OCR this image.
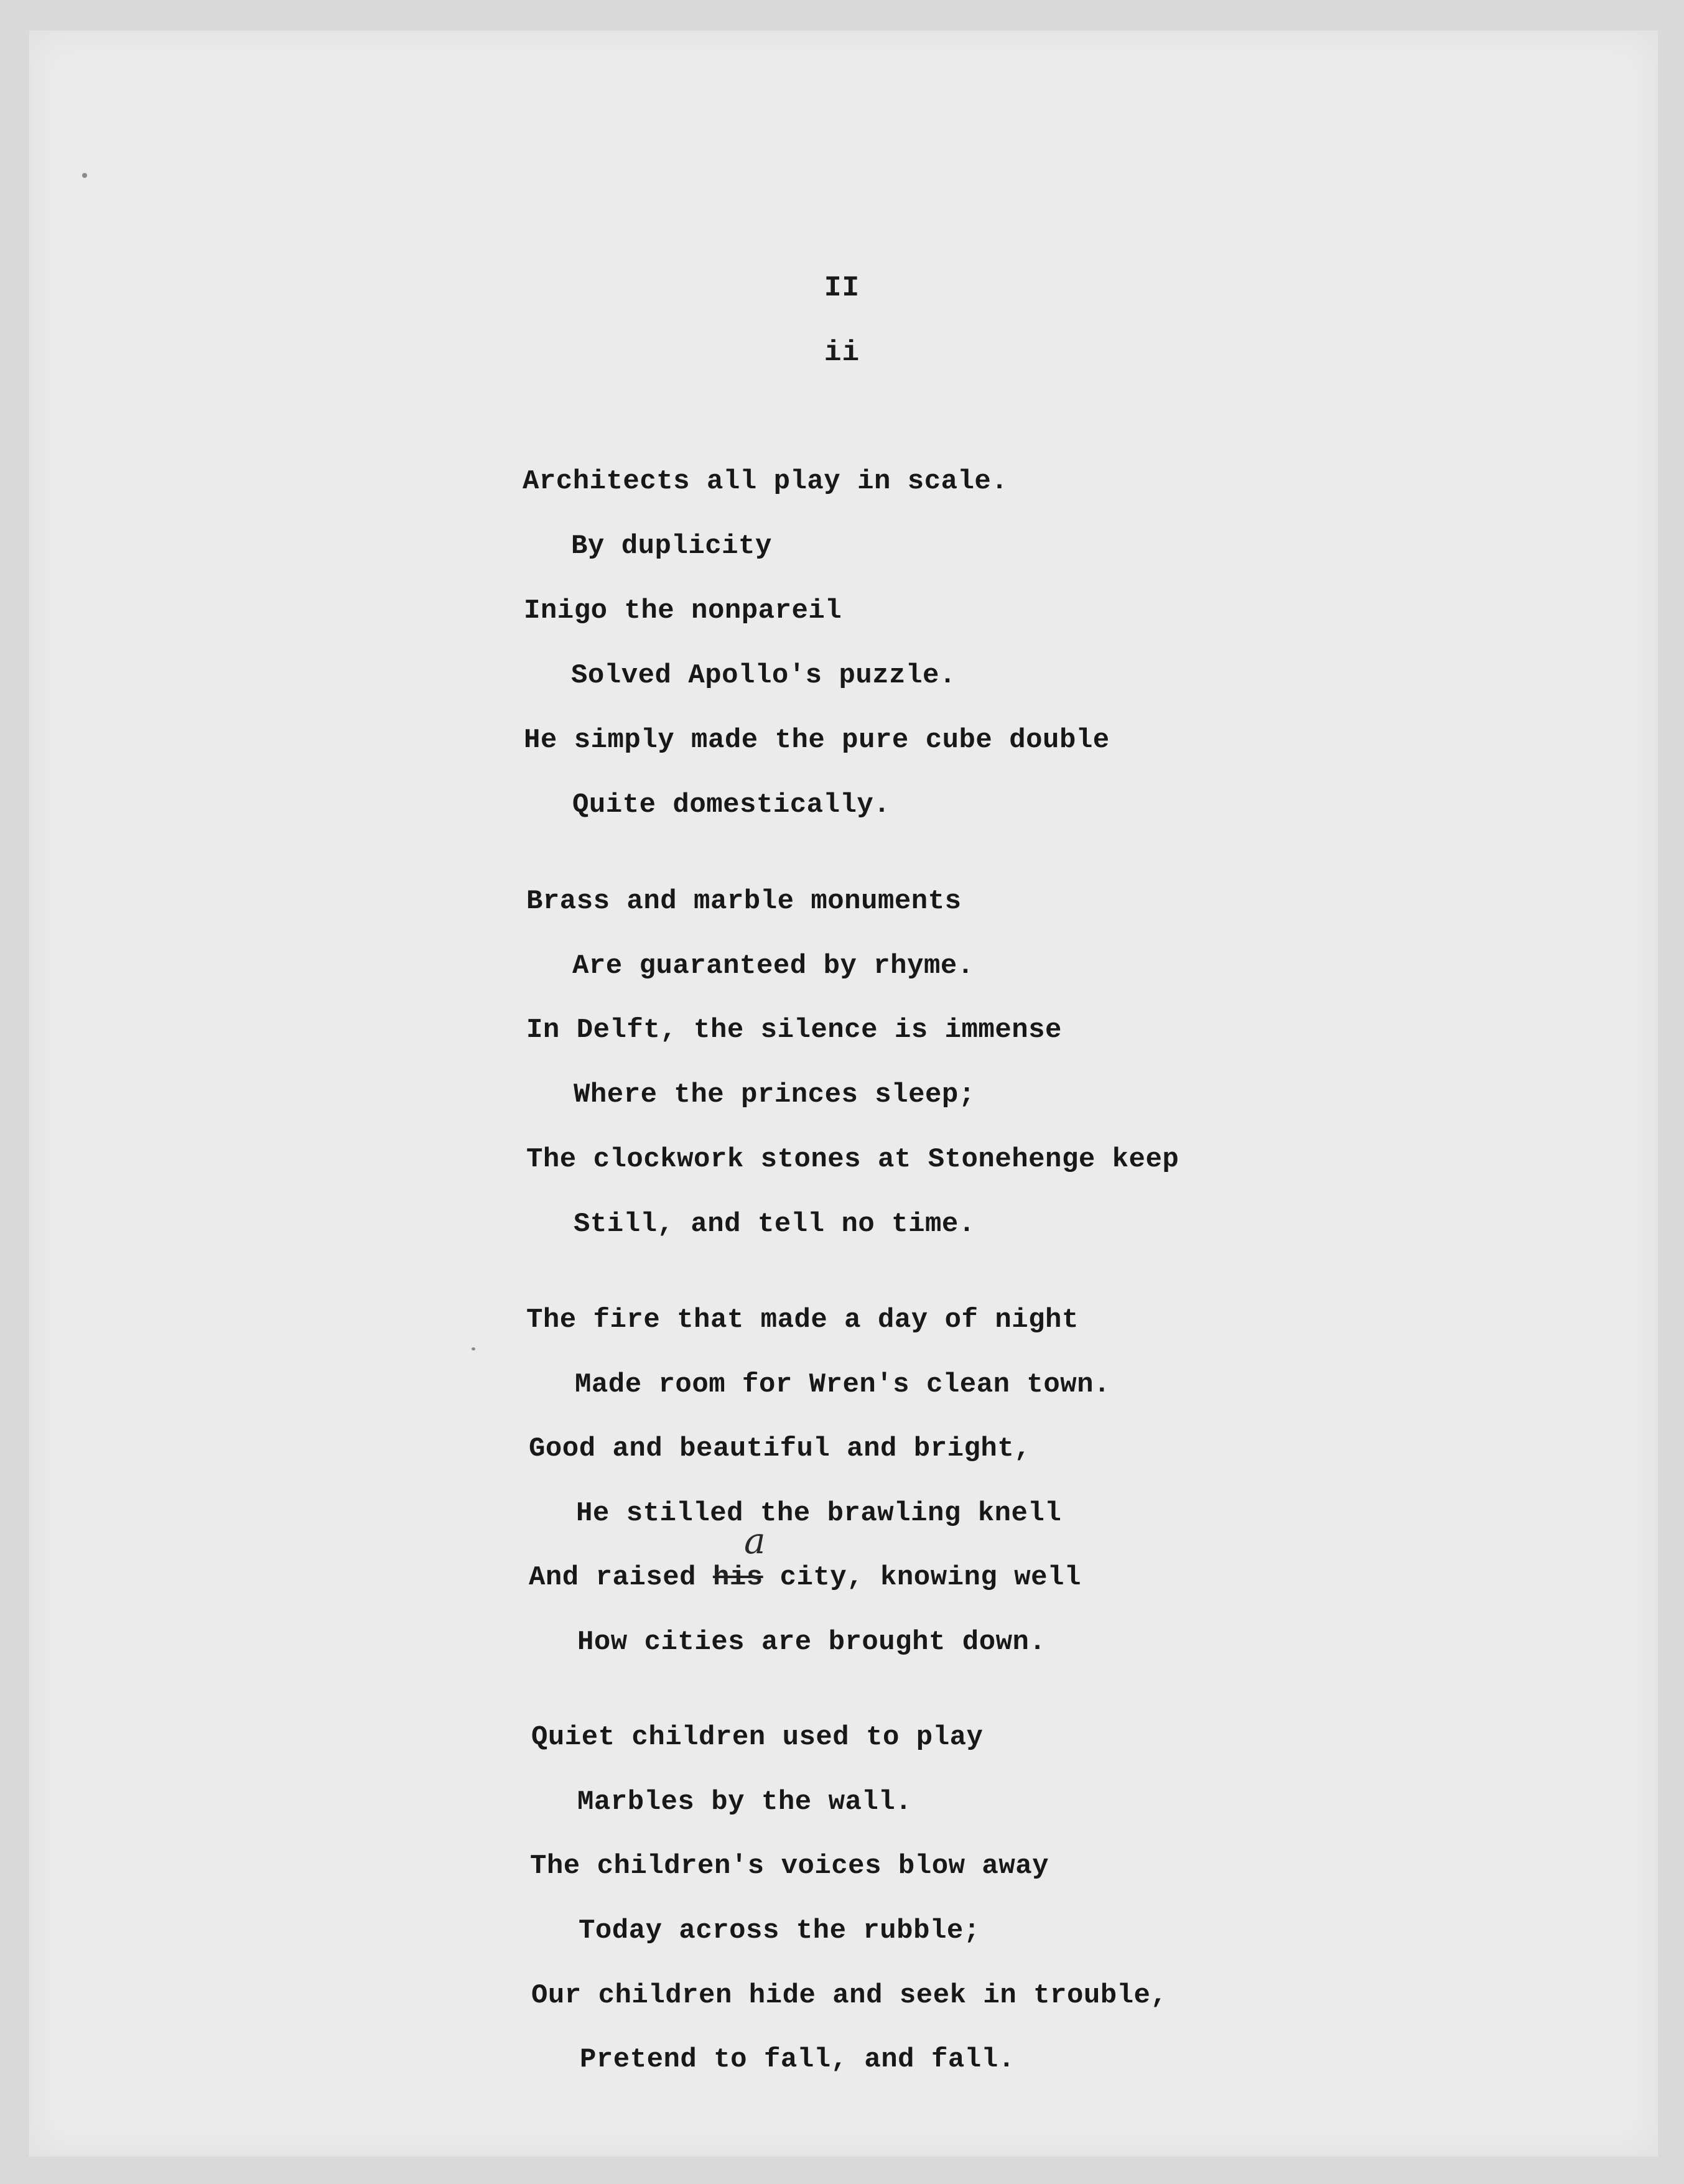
II
ii
Architects all play in scale.
By duplicity
Inigo the nonpareil
Solved Apollo's puzzle.
He simply made the pure cube double
Quite domestically.
Brass and marble monuments
Are guaranteed by rhyme.
In Delft, the silence is immense
Where the princes sleep;
The clockwork stones at Stonehenge keep
Still, and tell no time.
The fire that made a day of night
Made room for Wren's clean town.
Good and beautiful and bright,
He stilled the brawling knell
And raised his
a
city, knowing well
How cities are brought down.
Quiet children used to play
Marbles by the wall.
The children's voices blow away
Today across the rubble;
Our children hide and seek in trouble,
Pretend to fall, and fall.
